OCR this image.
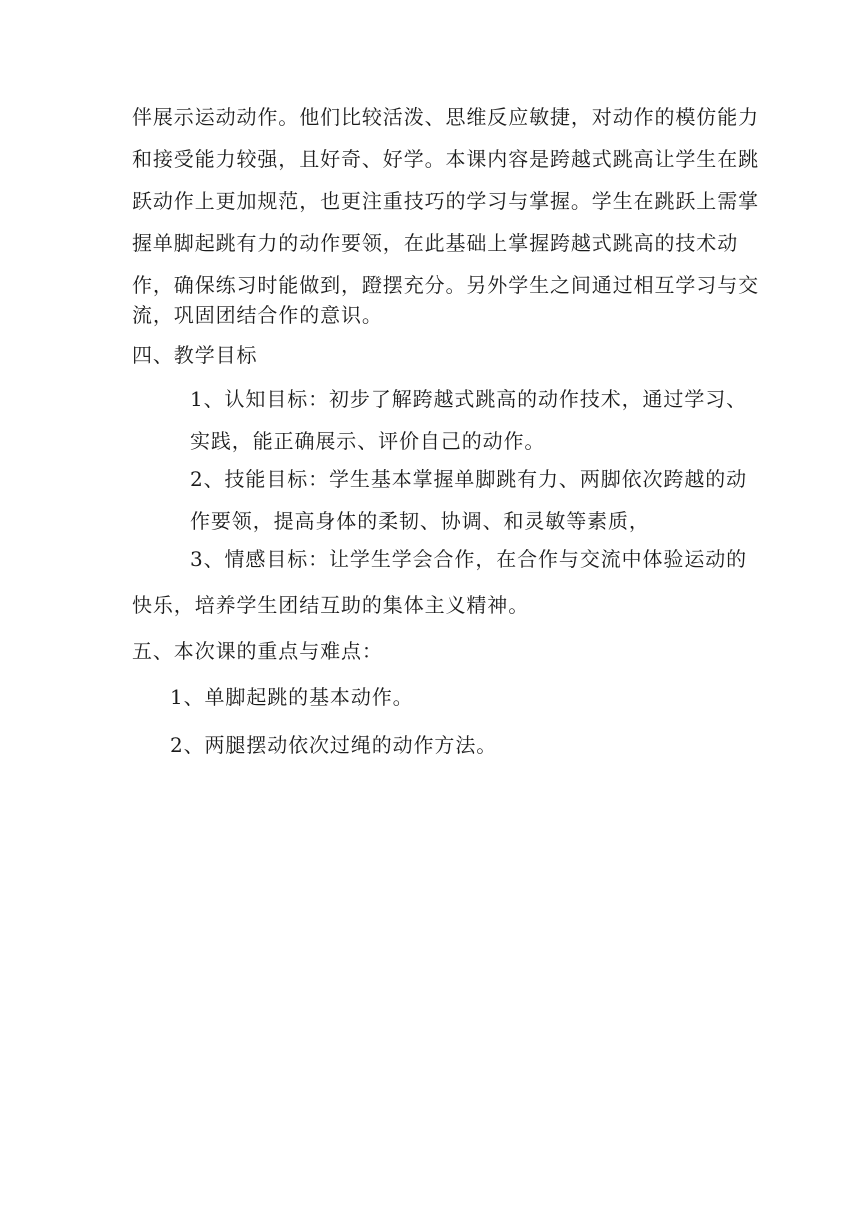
伴展示运动动作。他们比较活泼、思维反应敏捷，对动作的模仿能力
和接受能力较强，且好奇、好学。本课内容是跨越式跳高让学生在跳
跃动作上更加规范，也更注重技巧的学习与掌握。学生在跳跃上需掌
握单脚起跳有力的动作要领，在此基础上掌握跨越式跳高的技术动
作，确保练习时能做到，蹬摆充分。另外学生之间通过相互学习与交
流，巩固团结合作的意识。
四、教学目标
1、认知目标：初步了解跨越式跳高的动作技术，通过学习、
实践，能正确展示、评价自己的动作。
2、技能目标：学生基本掌握单脚跳有力、两脚依次跨越的动
作要领，提高身体的柔韧、协调、和灵敏等素质，
3、情感目标：让学生学会合作，在合作与交流中体验运动的
快乐，培养学生团结互助的集体主义精神。
五、本次课的重点与难点：
1、单脚起跳的基本动作。
2、两腿摆动依次过绳的动作方法。
